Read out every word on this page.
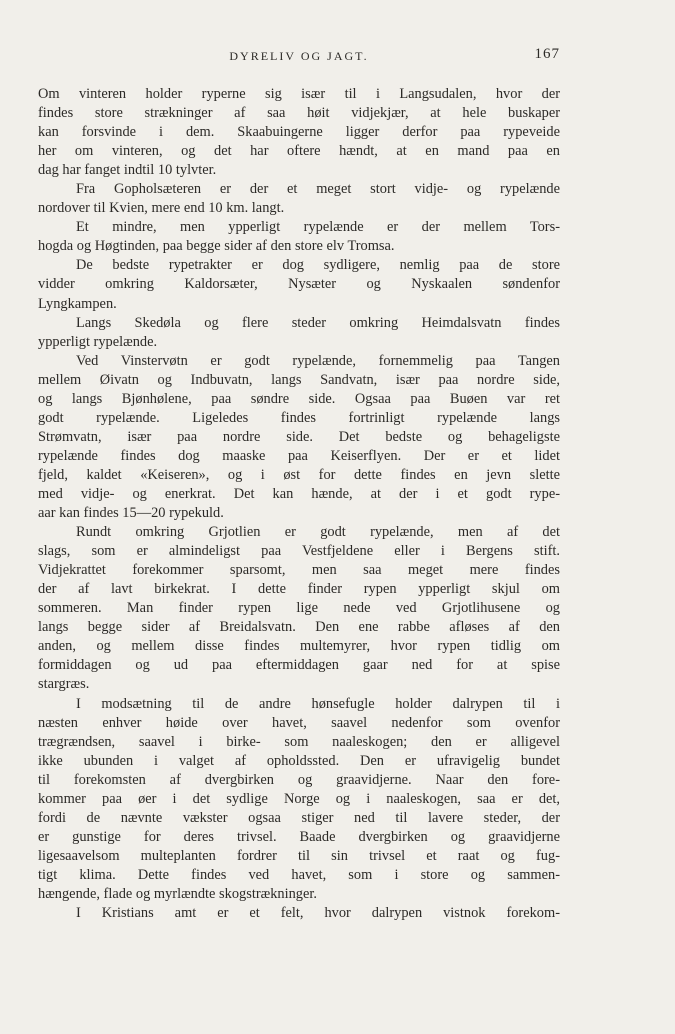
DYRELIV OG JAGT.	167
Om vinteren holder ryperne sig især til i Langsudalen, hvor der
findes store strækninger af saa høit vidjekjær, at hele buskaper
kan forsvinde i dem. Skaabuingerne ligger derfor paa rypeveide
her om vinteren, og det har oftere hændt, at en mand paa en
dag har fanget indtil 10 tylvter.
Fra Gopholsæteren er der et meget stort vidje- og rypelænde
nordover til Kvien, mere end 10 km. langt.
Et mindre, men ypperligt rypelænde er der mellem Tors-
hogda og Høgtinden, paa begge sider af den store elv Tromsa.
De bedste rypetrakter er dog sydligere, nemlig paa de store
vidder omkring Kaldorsæter, Nysæter og Nyskaalen søndenfor
Lyngkampen.
Langs Skedøla og flere steder omkring Heimdalsvatn findes
ypperligt rypelænde.
Ved Vinstervøtn er godt rypelænde, fornemmelig paa Tangen
mellem Øivatn og Indbuvatn, langs Sandvatn, især paa nordre side,
og langs Bjønhølene, paa søndre side. Ogsaa paa Buøen var ret
godt rypelænde. Ligeledes findes fortrinligt rypelænde langs
Strømvatn, især paa nordre side. Det bedste og behageligste
rypelænde findes dog maaske paa Keiserflyen. Der er et lidet
fjeld, kaldet «Keiseren», og i øst for dette findes en jevn slette
med vidje- og enerkrat. Det kan hænde, at der i et godt rype-
aar kan findes 15—20 rypekuld.
Rundt omkring Grjotlien er godt rypelænde, men af det
slags, som er almindeligst paa Vestfjeldene eller i Bergens stift.
Vidjekrattet forekommer sparsomt, men saa meget mere findes
der af lavt birkekrat. I dette finder rypen ypperligt skjul om
sommeren. Man finder rypen lige nede ved Grjotlihusene og
langs begge sider af Breidalsvatn. Den ene rabbe afløses af den
anden, og mellem disse findes multemyrer, hvor rypen tidlig om
formiddagen og ud paa eftermiddagen gaar ned for at spise
stargræs.
I modsætning til de andre hønsefugle holder dalrypen til i
næsten enhver høide over havet, saavel nedenfor som ovenfor
trægrændsen, saavel i birke- som naaleskogen; den er alligevel
ikke ubunden i valget af opholdssted. Den er ufravigelig bundet
til forekomsten af dvergbirken og graavidjerne. Naar den fore-
kommer paa øer i det sydlige Norge og i naaleskogen, saa er det,
fordi de nævnte vækster ogsaa stiger ned til lavere steder, der
er gunstige for deres trivsel. Baade dvergbirken og graavidjerne
ligesaavelsom multeplanten fordrer til sin trivsel et raat og fug-
tigt klima. Dette findes ved havet, som i store og sammen-
hængende, flade og myrlændte skogstrækninger.
I Kristians amt er et felt, hvor dalrypen vistnok forekom-
